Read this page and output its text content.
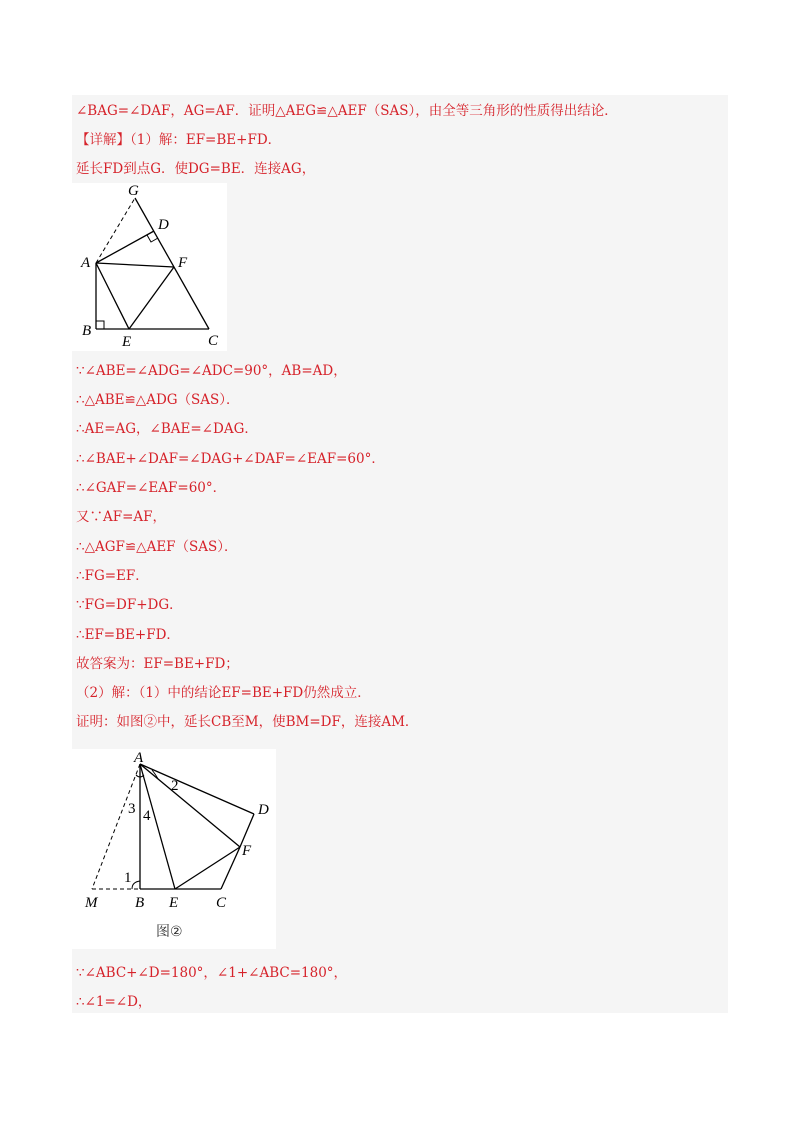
∠BAG=∠DAF，AG=AF．证明△AEG≌△AEF（SAS），由全等三角形的性质得出结论．
【详解】（1）解：EF=BE+FD．
延长FD到点G．使DG=BE．连接AG，
G
D
A	F
B
E	C
∵∠ABE=∠ADG=∠ADC=90°，AB=AD，
∴△ABE≌△ADG（SAS）．
∴AE=AG，∠BAE=∠DAG．
∴∠BAE+∠DAF=∠DAG+∠DAF=∠EAF=60°．
∴∠GAF=∠EAF=60°．
又∵AF=AF，
∴△AGF≌△AEF（SAS）．
∴FG=EF．
∵FG=DF+DG．
∴EF=BE+FD．
故答案为：EF=BE+FD；
（2）解：（1）中的结论EF=BE+FD仍然成立．
证明：如图②中，延长CB至M，使BM=DF，连接AM．
A
D
F
M	B E	C
1
2
3 4
图②
∵∠ABC+∠D=180°，∠1+∠ABC=180°，
∴∠1=∠D，
